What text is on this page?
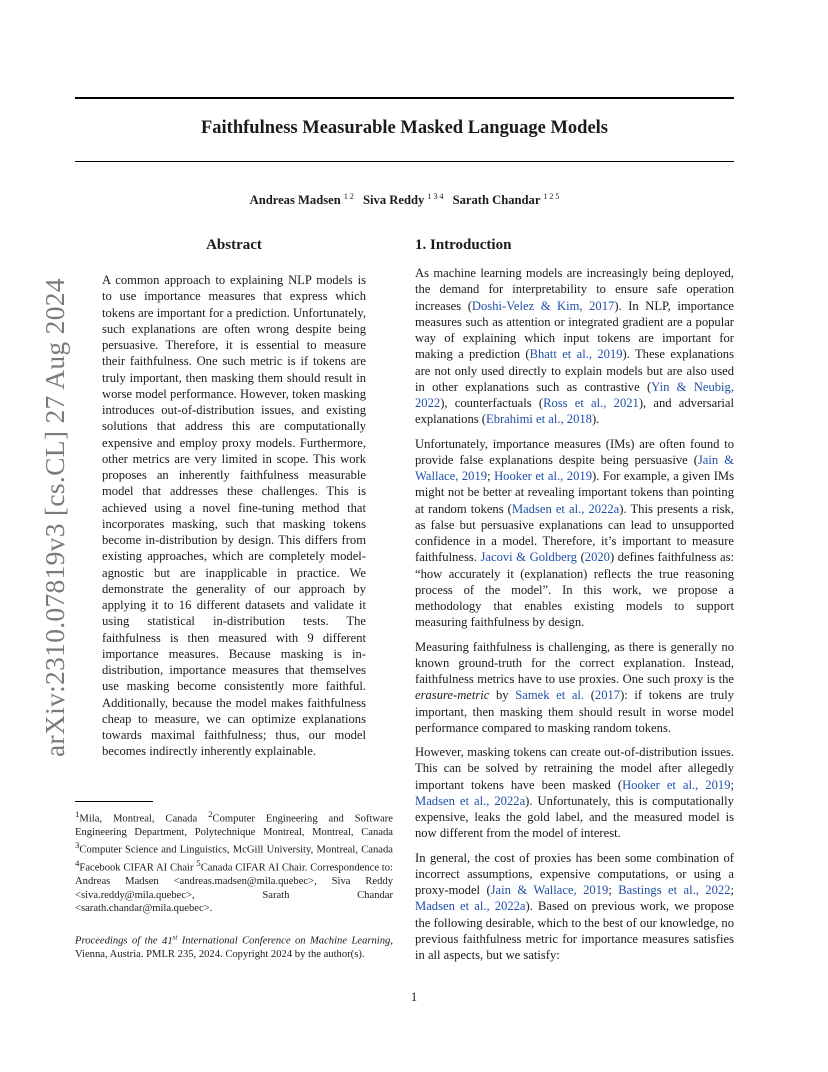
arXiv:2310.07819v3 [cs.CL] 27 Aug 2024
Faithfulness Measurable Masked Language Models
Andreas Madsen $^{1 2}$ Siva Reddy $^{1 3 4}$ Sarath Chandar $^{1 2 5}$
Abstract

A common approach to explaining NLP models is to use importance measures that express which tokens are important for a prediction. Unfortunately, such explanations are often wrong despite being persuasive. Therefore, it is essential to measure their faithfulness. One such metric is if tokens are truly important, then masking them should result in worse model performance. However, token masking introduces out-of-distribution issues, and existing solutions that address this are computationally expensive and employ proxy models. Furthermore, other metrics are very limited in scope. This work proposes an inherently faithfulness measurable model that addresses these challenges. This is achieved using a novel fine-tuning method that incorporates masking, such that masking tokens become in-distribution by design. This differs from existing approaches, which are completely model-agnostic but are inapplicable in practice. We demonstrate the generality of our approach by applying it to 16 different datasets and validate it using statistical in-distribution tests. The faithfulness is then measured with 9 different importance measures. Because masking is in-distribution, importance measures that themselves use masking become consistently more faithful. Additionally, because the model makes faithfulness cheap to measure, we can optimize explanations towards maximal faithfulness; thus, our model becomes indirectly inherently explainable.

$^1$Mila, Montreal, Canada $^2$Computer Engineering and Software Engineering Department, Polytechnique Montreal, Montreal, Canada $^3$Computer Science and Linguistics, McGill University, Montreal, Canada $^4$Facebook CIFAR AI Chair $^5$Canada CIFAR AI Chair. Correspondence to: Andreas Madsen <andreas.madsen@mila.quebec>, Siva Reddy <siva.reddy@mila.quebec>, Sarath Chandar <sarath.chandar@mila.quebec>.

Proceedings of the 41st International Conference on Machine Learning, Vienna, Austria. PMLR 235, 2024. Copyright 2024 by the author(s).

1. Introduction

As machine learning models are increasingly being deployed, the demand for interpretability to ensure safe operation increases (Doshi-Velez & Kim, 2017). In NLP, importance measures such as attention or integrated gradient are a popular way of explaining which input tokens are important for making a prediction (Bhatt et al., 2019). These explanations are not only used directly to explain models but are also used in other explanations such as contrastive (Yin & Neubig, 2022), counterfactuals (Ross et al., 2021), and adversarial explanations (Ebrahimi et al., 2018).

Unfortunately, importance measures (IMs) are often found to provide false explanations despite being persuasive (Jain & Wallace, 2019; Hooker et al., 2019). For example, a given IMs might not be better at revealing important tokens than pointing at random tokens (Madsen et al., 2022a). This presents a risk, as false but persuasive explanations can lead to unsupported confidence in a model. Therefore, it’s important to measure faithfulness. Jacovi & Goldberg (2020) defines faithfulness as: “how accurately it (explanation) reflects the true reasoning process of the model”. In this work, we propose a methodology that enables existing models to support measuring faithfulness by design.

Measuring faithfulness is challenging, as there is generally no known ground-truth for the correct explanation. Instead, faithfulness metrics have to use proxies. One such proxy is the erasure-metric by Samek et al. (2017): if tokens are truly important, then masking them should result in worse model performance compared to masking random tokens.

However, masking tokens can create out-of-distribution issues. This can be solved by retraining the model after allegedly important tokens have been masked (Hooker et al., 2019; Madsen et al., 2022a). Unfortunately, this is computationally expensive, leaks the gold label, and the measured model is now different from the model of interest.

In general, the cost of proxies has been some combination of incorrect assumptions, expensive computations, or using a proxy-model (Jain & Wallace, 2019; Bastings et al., 2022; Madsen et al., 2022a). Based on previous work, we propose the following desirable, which to the best of our knowledge, no previous faithfulness metric for importance measures satisfies in all aspects, but we satisfy:

1
